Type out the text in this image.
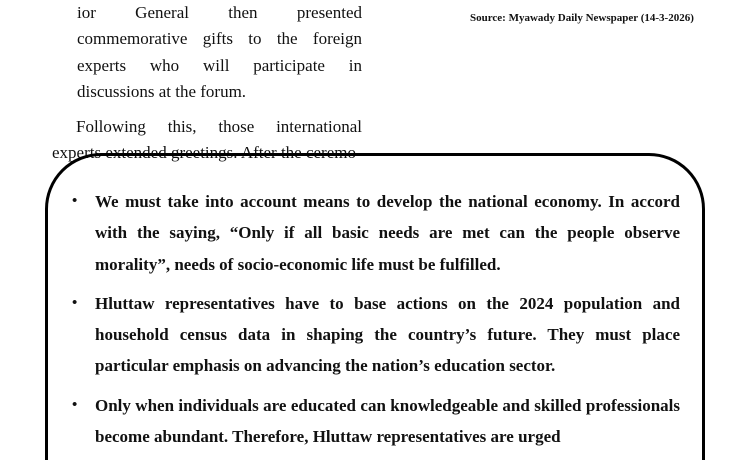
ior General then presented commemorative gifts to the foreign experts who will participate in discussions at the forum.

Following this, those international experts extended greetings. After the ceremo-

Source: Myawady Daily Newspaper (14-3-2026)
• We must take into account means to develop the national economy. In accord with the saying, “Only if all basic needs are met can the people observe morality”, needs of socio-economic life must be fulfilled.
• Hluttaw representatives have to base actions on the 2024 population and household census data in shaping the country’s future. They must place particular emphasis on advancing the nation’s education sector.
• Only when individuals are educated can knowledgeable and skilled professionals become abundant. Therefore, Hluttaw representatives are urged
